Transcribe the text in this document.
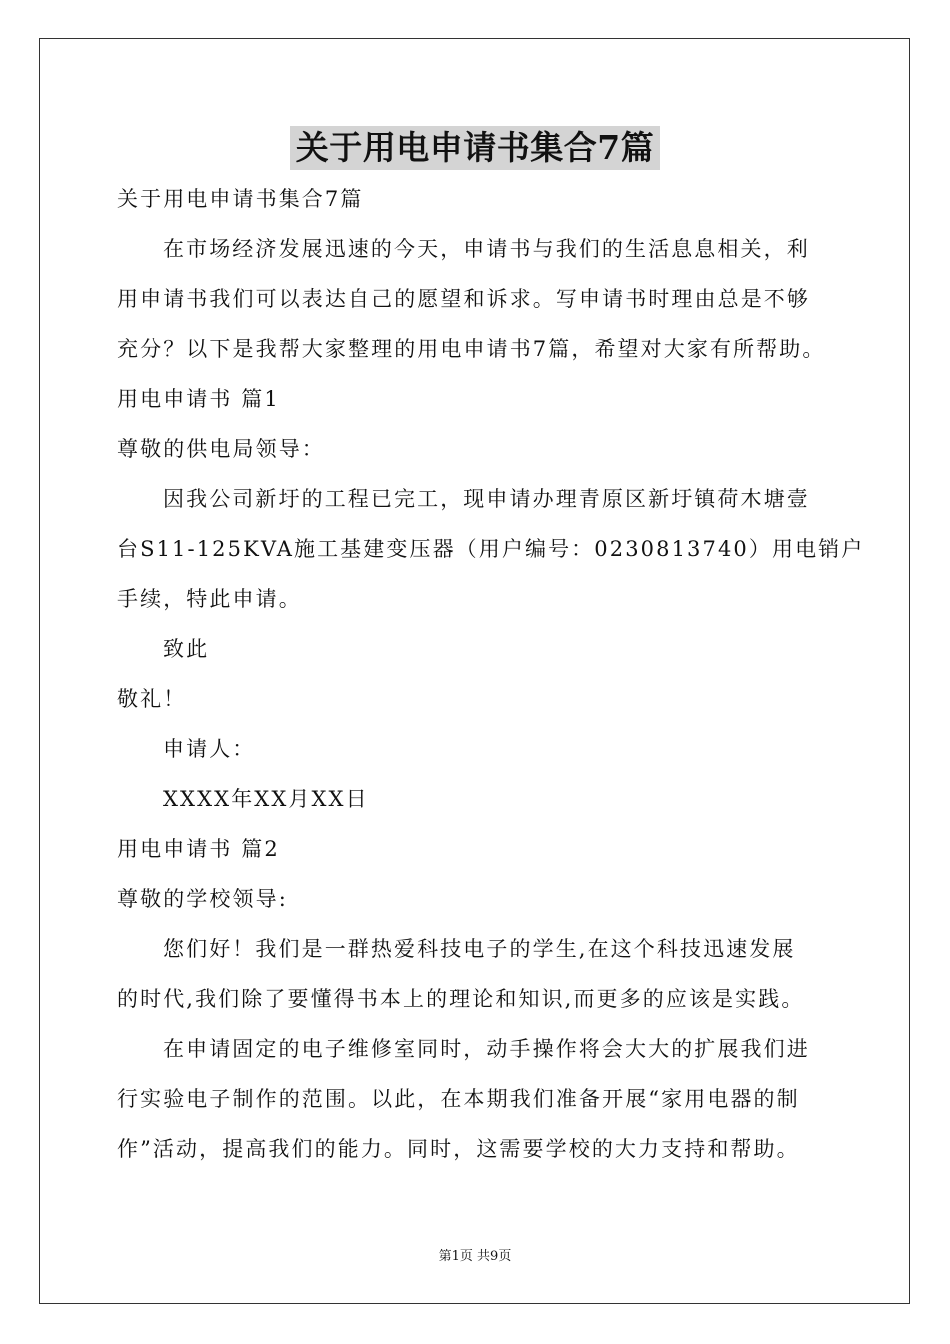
关于用电申请书集合7篇
关于用电申请书集合7篇
在市场经济发展迅速的今天，申请书与我们的生活息息相关，利
用申请书我们可以表达自己的愿望和诉求。写申请书时理由总是不够
充分？以下是我帮大家整理的用电申请书7篇，希望对大家有所帮助。
用电申请书 篇1
尊敬的供电局领导：
因我公司新圩的工程已完工，现申请办理青原区新圩镇荷木塘壹
台S11-125KVA施工基建变压器（用户编号：0230813740）用电销户
手续，特此申请。
致此
敬礼！
申请人：
XXXX年XX月XX日
用电申请书 篇2
尊敬的学校领导:
您们好！我们是一群热爱科技电子的学生,在这个科技迅速发展
的时代,我们除了要懂得书本上的理论和知识,而更多的应该是实践。
在申请固定的电子维修室同时，动手操作将会大大的扩展我们进
行实验电子制作的范围。以此，在本期我们准备开展“家用电器的制
作”活动，提高我们的能力。同时，这需要学校的大力支持和帮助。
第1页 共9页
